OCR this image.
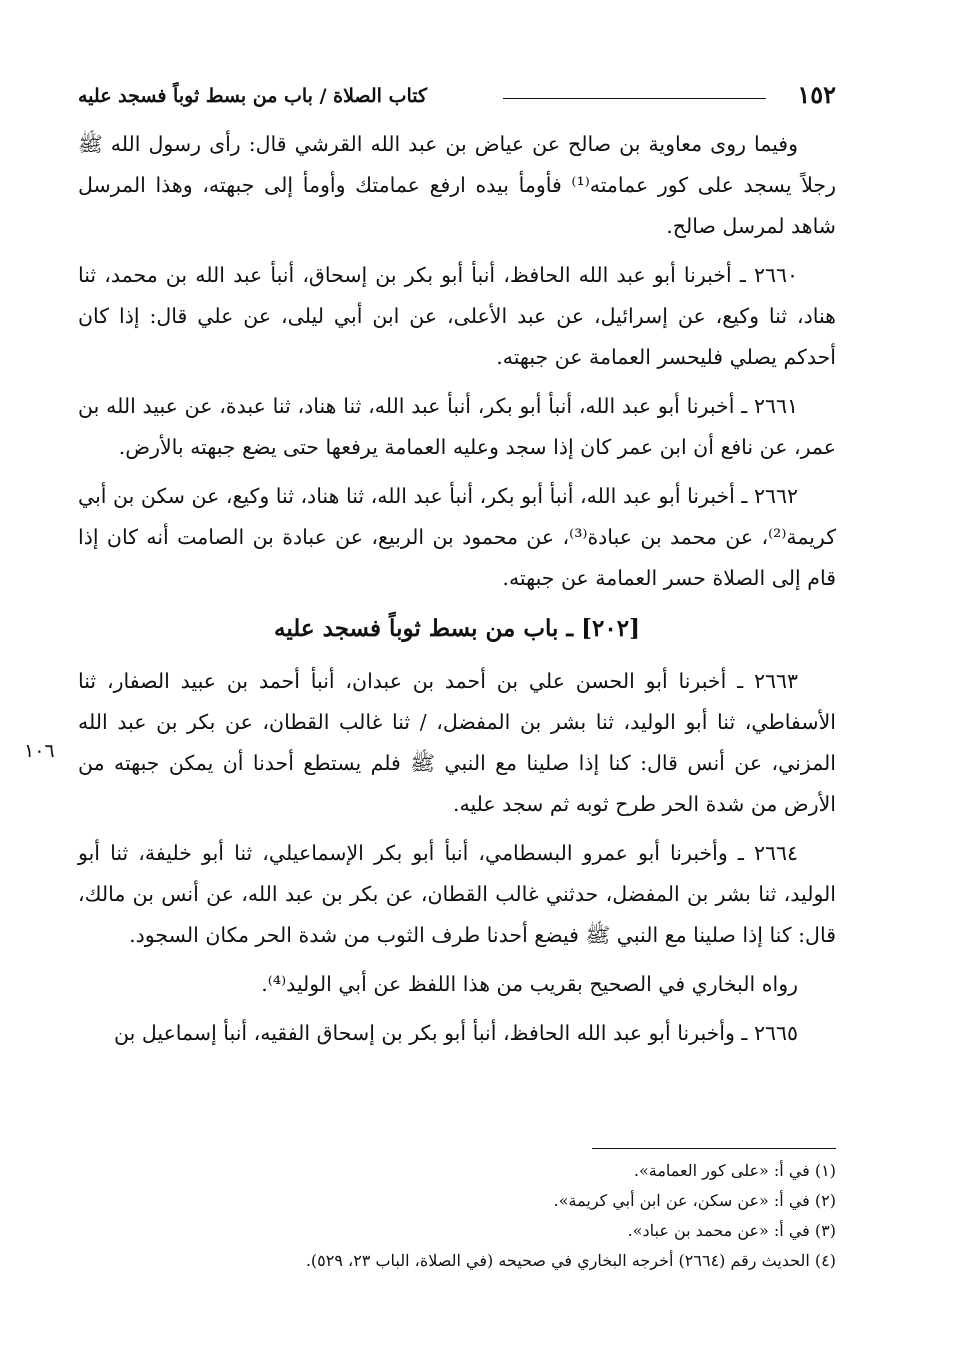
١٥٢
كتاب الصلاة / باب من بسط ثوباً فسجد عليه

وفيما روى معاوية بن صالح عن عياض بن عبد الله القرشي قال: رأى رسول الله ﷺ رجلاً يسجد على كور عمامته⁽¹⁾ فأومأ بيده ارفع عمامتك وأومأ إلى جبهته، وهذا المرسل شاهد لمرسل صالح.

٢٦٦٠ ـ أخبرنا أبو عبد الله الحافظ، أنبأ أبو بكر بن إسحاق، أنبأ عبد الله بن محمد، ثنا هناد، ثنا وكيع، عن إسرائيل، عن عبد الأعلى، عن ابن أبي ليلى، عن علي قال: إذا كان أحدكم يصلي فليحسر العمامة عن جبهته.

٢٦٦١ ـ أخبرنا أبو عبد الله، أنبأ أبو بكر، أنبأ عبد الله، ثنا هناد، ثنا عبدة، عن عبيد الله بن عمر، عن نافع أن ابن عمر كان إذا سجد وعليه العمامة يرفعها حتى يضع جبهته بالأرض.

٢٦٦٢ ـ أخبرنا أبو عبد الله، أنبأ أبو بكر، أنبأ عبد الله، ثنا هناد، ثنا وكيع، عن سكن بن أبي كريمة⁽²⁾، عن محمد بن عبادة⁽³⁾، عن محمود بن الربيع، عن عبادة بن الصامت أنه كان إذا قام إلى الصلاة حسر العمامة عن جبهته.

[٢٠٢] ـ باب من بسط ثوباً فسجد عليه

٢٦٦٣ ـ أخبرنا أبو الحسن علي بن أحمد بن عبدان، أنبأ أحمد بن عبيد الصفار، ثنا الأسفاطي، ثنا أبو الوليد، ثنا بشر بن المفضل، / ثنا غالب القطان، عن بكر بن عبد الله المزني، عن أنس قال: كنا إذا صلينا مع النبي ﷺ فلم يستطع أحدنا أن يمكن جبهته من الأرض من شدة الحر طرح ثوبه ثم سجد عليه.

٢٦٦٤ ـ وأخبرنا أبو عمرو البسطامي، أنبأ أبو بكر الإسماعيلي، ثنا أبو خليفة، ثنا أبو الوليد، ثنا بشر بن المفضل، حدثني غالب القطان، عن بكر بن عبد الله، عن أنس بن مالك، قال: كنا إذا صلينا مع النبي ﷺ فيضع أحدنا طرف الثوب من شدة الحر مكان السجود.

رواه البخاري في الصحيح بقريب من هذا اللفظ عن أبي الوليد⁽⁴⁾.

٢٦٦٥ ـ وأخبرنا أبو عبد الله الحافظ، أنبأ أبو بكر بن إسحاق الفقيه، أنبأ إسماعيل بن

١٠٦

(١) في أ: «على كور العمامة».

(٢) في أ: «عن سكن، عن ابن أبي كريمة».

(٣) في أ: «عن محمد بن عباد».

(٤) الحديث رقم (٢٦٦٤) أخرجه البخاري في صحيحه (في الصلاة، الباب ٢٣، ٥٢٩).
